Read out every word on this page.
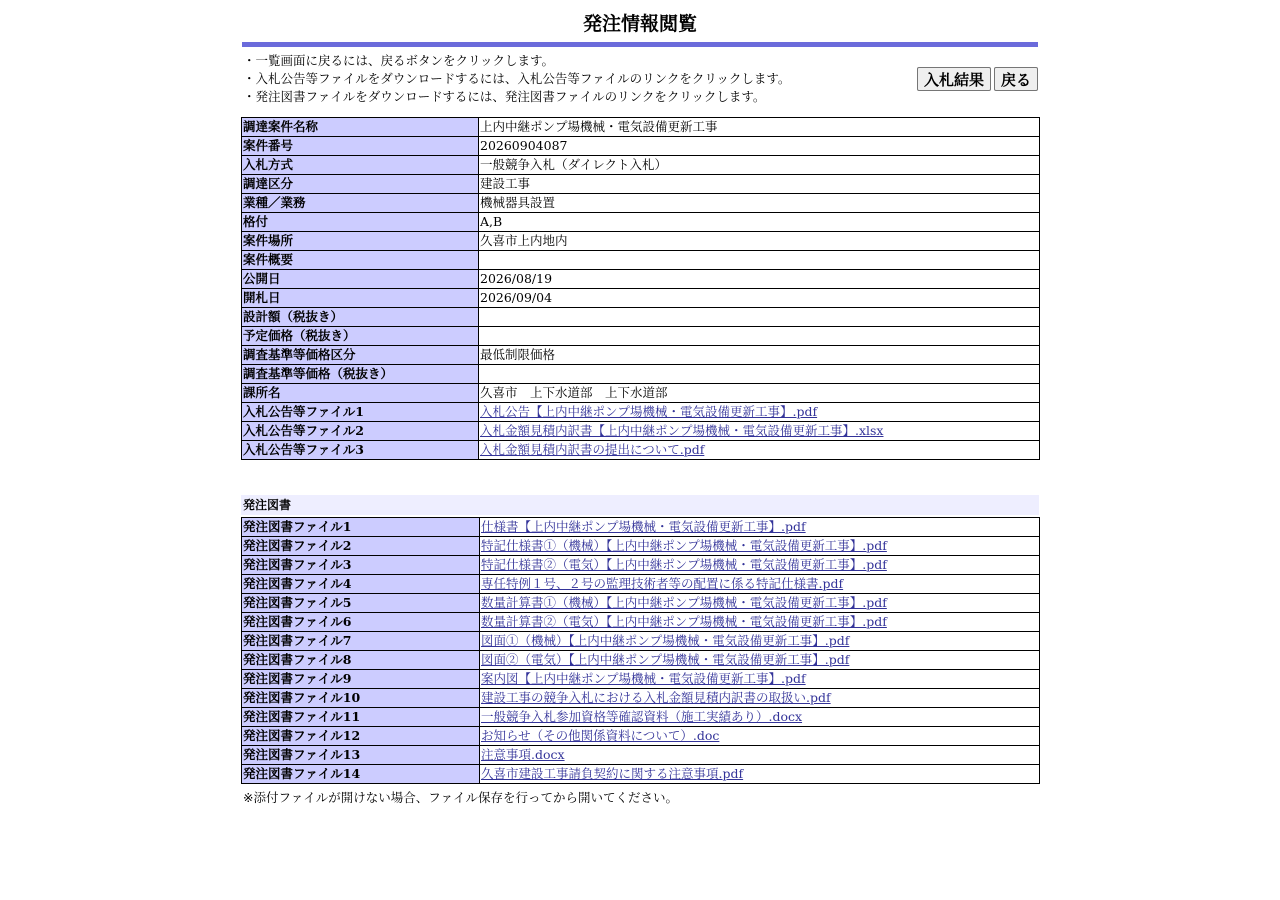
発注情報閲覧
・一覧画面に戻るには、戻るボタンをクリックします。
・入札公告等ファイルをダウンロードするには、入札公告等ファイルのリンクをクリックします。
・発注図書ファイルをダウンロードするには、発注図書ファイルのリンクをクリックします。
入札結果	戻る
調達案件名称	上内中継ポンプ場機械・電気設備更新工事
案件番号	20260904087
入札方式	一般競争入札（ダイレクト入札）
調達区分	建設工事
業種／業務	機械器具設置
格付	A,B
案件場所	久喜市上内地内
案件概要	
公開日	2026/08/19
開札日	2026/09/04
設計額（税抜き）	
予定価格（税抜き）	
調査基準等価格区分	最低制限価格
調査基準等価格（税抜き）	
課所名	久喜市　上下水道部　上下水道部
入札公告等ファイル1	入札公告【上内中継ポンプ場機械・電気設備更新工事】.pdf
入札公告等ファイル2	入札金額見積内訳書【上内中継ポンプ場機械・電気設備更新工事】.xlsx
入札公告等ファイル3	入札金額見積内訳書の提出について.pdf
発注図書
発注図書ファイル1	仕様書【上内中継ポンプ場機械・電気設備更新工事】.pdf
発注図書ファイル2	特記仕様書①（機械）【上内中継ポンプ場機械・電気設備更新工事】.pdf
発注図書ファイル3	特記仕様書②（電気）【上内中継ポンプ場機械・電気設備更新工事】.pdf
発注図書ファイル4	専任特例１号、２号の監理技術者等の配置に係る特記仕様書.pdf
発注図書ファイル5	数量計算書①（機械）【上内中継ポンプ場機械・電気設備更新工事】.pdf
発注図書ファイル6	数量計算書②（電気）【上内中継ポンプ場機械・電気設備更新工事】.pdf
発注図書ファイル7	図面①（機械）【上内中継ポンプ場機械・電気設備更新工事】.pdf
発注図書ファイル8	図面②（電気）【上内中継ポンプ場機械・電気設備更新工事】.pdf
発注図書ファイル9	案内図【上内中継ポンプ場機械・電気設備更新工事】.pdf
発注図書ファイル10	建設工事の競争入札における入札金額見積内訳書の取扱い.pdf
発注図書ファイル11	一般競争入札参加資格等確認資料（施工実績あり）.docx
発注図書ファイル12	お知らせ（その他関係資料について）.doc
発注図書ファイル13	注意事項.docx
発注図書ファイル14	久喜市建設工事請負契約に関する注意事項.pdf
※添付ファイルが開けない場合、ファイル保存を行ってから開いてください。
